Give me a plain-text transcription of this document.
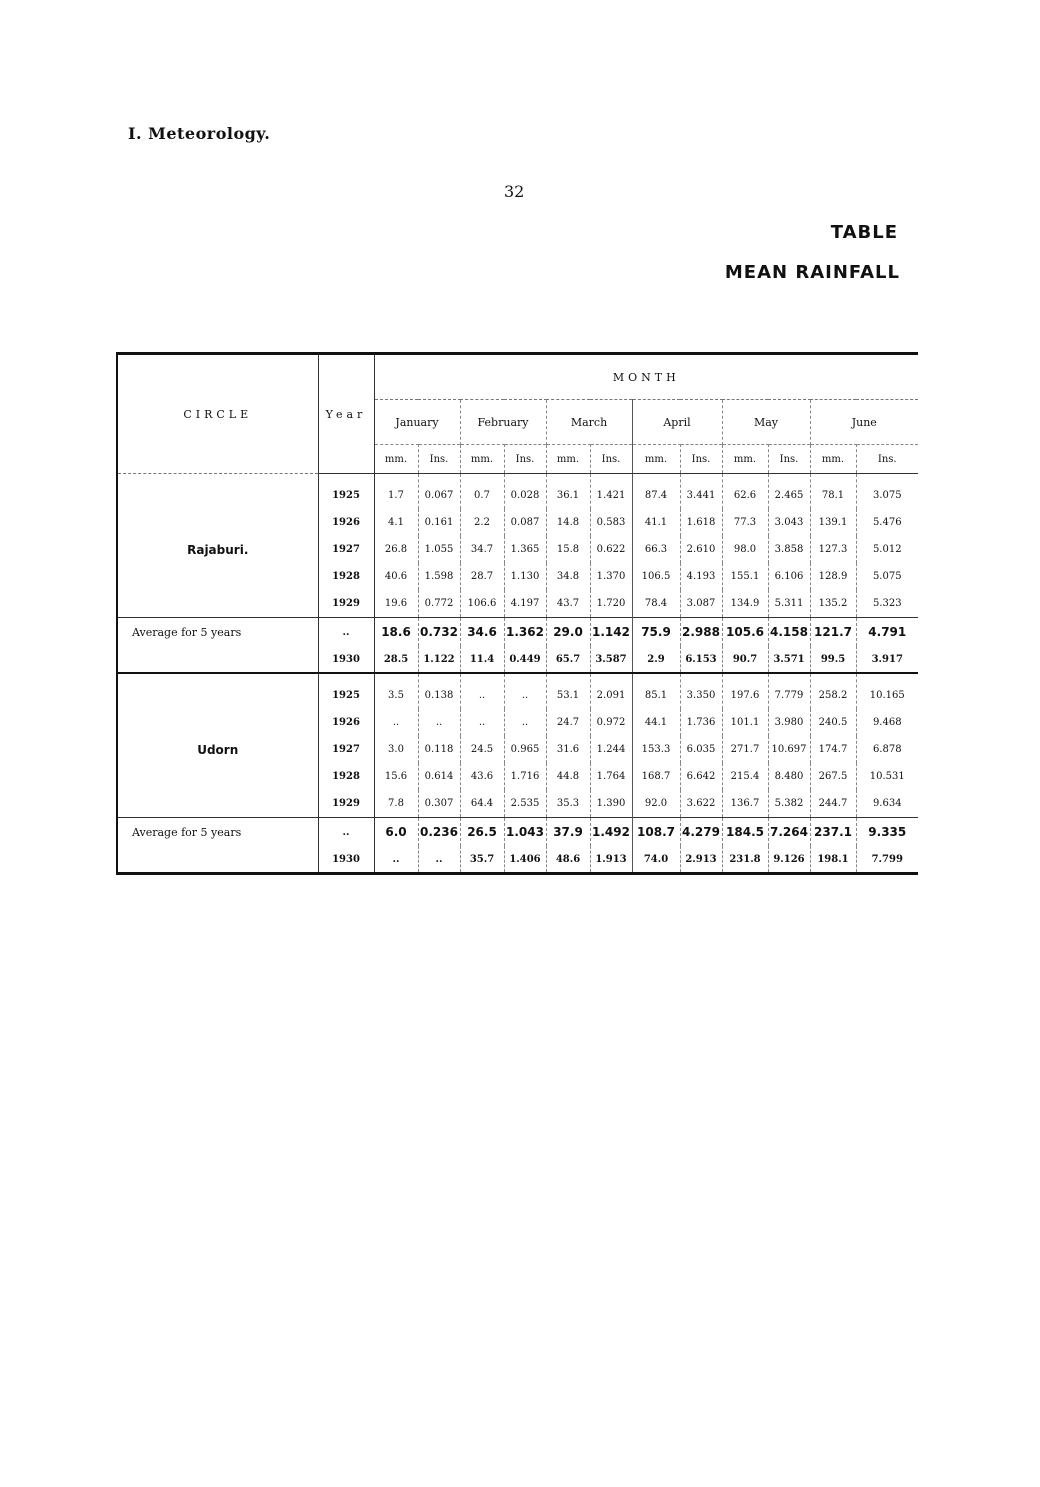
I. Meteorology.
32
TABLE
MEAN RAINFALL
CIRCLE	Year	MONTH											
		January		February		March		April		May		June	
		mm.	Ins.	mm.	Ins.	mm.	Ins.	mm.	Ins.	mm.	Ins.	mm.	Ins.
	1925	1.7	0.067	0.7	0.028	36.1	1.421	87.4	3.441	62.6	2.465	78.1	3.075
	1926	4.1	0.161	2.2	0.087	14.8	0.583	41.1	1.618	77.3	3.043	139.1	5.476
Rajaburi.	1927	26.8	1.055	34.7	1.365	15.8	0.622	66.3	2.610	98.0	3.858	127.3	5.012
	1928	40.6	1.598	28.7	1.130	34.8	1.370	106.5	4.193	155.1	6.106	128.9	5.075
	1929	19.6	0.772	106.6	4.197	43.7	1.720	78.4	3.087	134.9	5.311	135.2	5.323
Average for 5 years	..	18.6	0.732	34.6	1.362	29.0	1.142	75.9	2.988	105.6	4.158	121.7	4.791
	1930	28.5	1.122	11.4	0.449	65.7	3.587	2.9	6.153	90.7	3.571	99.5	3.917
	1925	3.5	0.138	..	..	53.1	2.091	85.1	3.350	197.6	7.779	258.2	10.165
	1926	..	..	..	..	24.7	0.972	44.1	1.736	101.1	3.980	240.5	9.468
Udorn	1927	3.0	0.118	24.5	0.965	31.6	1.244	153.3	6.035	271.7	10.697	174.7	6.878
	1928	15.6	0.614	43.6	1.716	44.8	1.764	168.7	6.642	215.4	8.480	267.5	10.531
	1929	7.8	0.307	64.4	2.535	35.3	1.390	92.0	3.622	136.7	5.382	244.7	9.634
Average for 5 years	..	6.0	0.236	26.5	1.043	37.9	1.492	108.7	4.279	184.5	7.264	237.1	9.335
	1930	..	..	35.7	1.406	48.6	1.913	74.0	2.913	231.8	9.126	198.1	7.799
